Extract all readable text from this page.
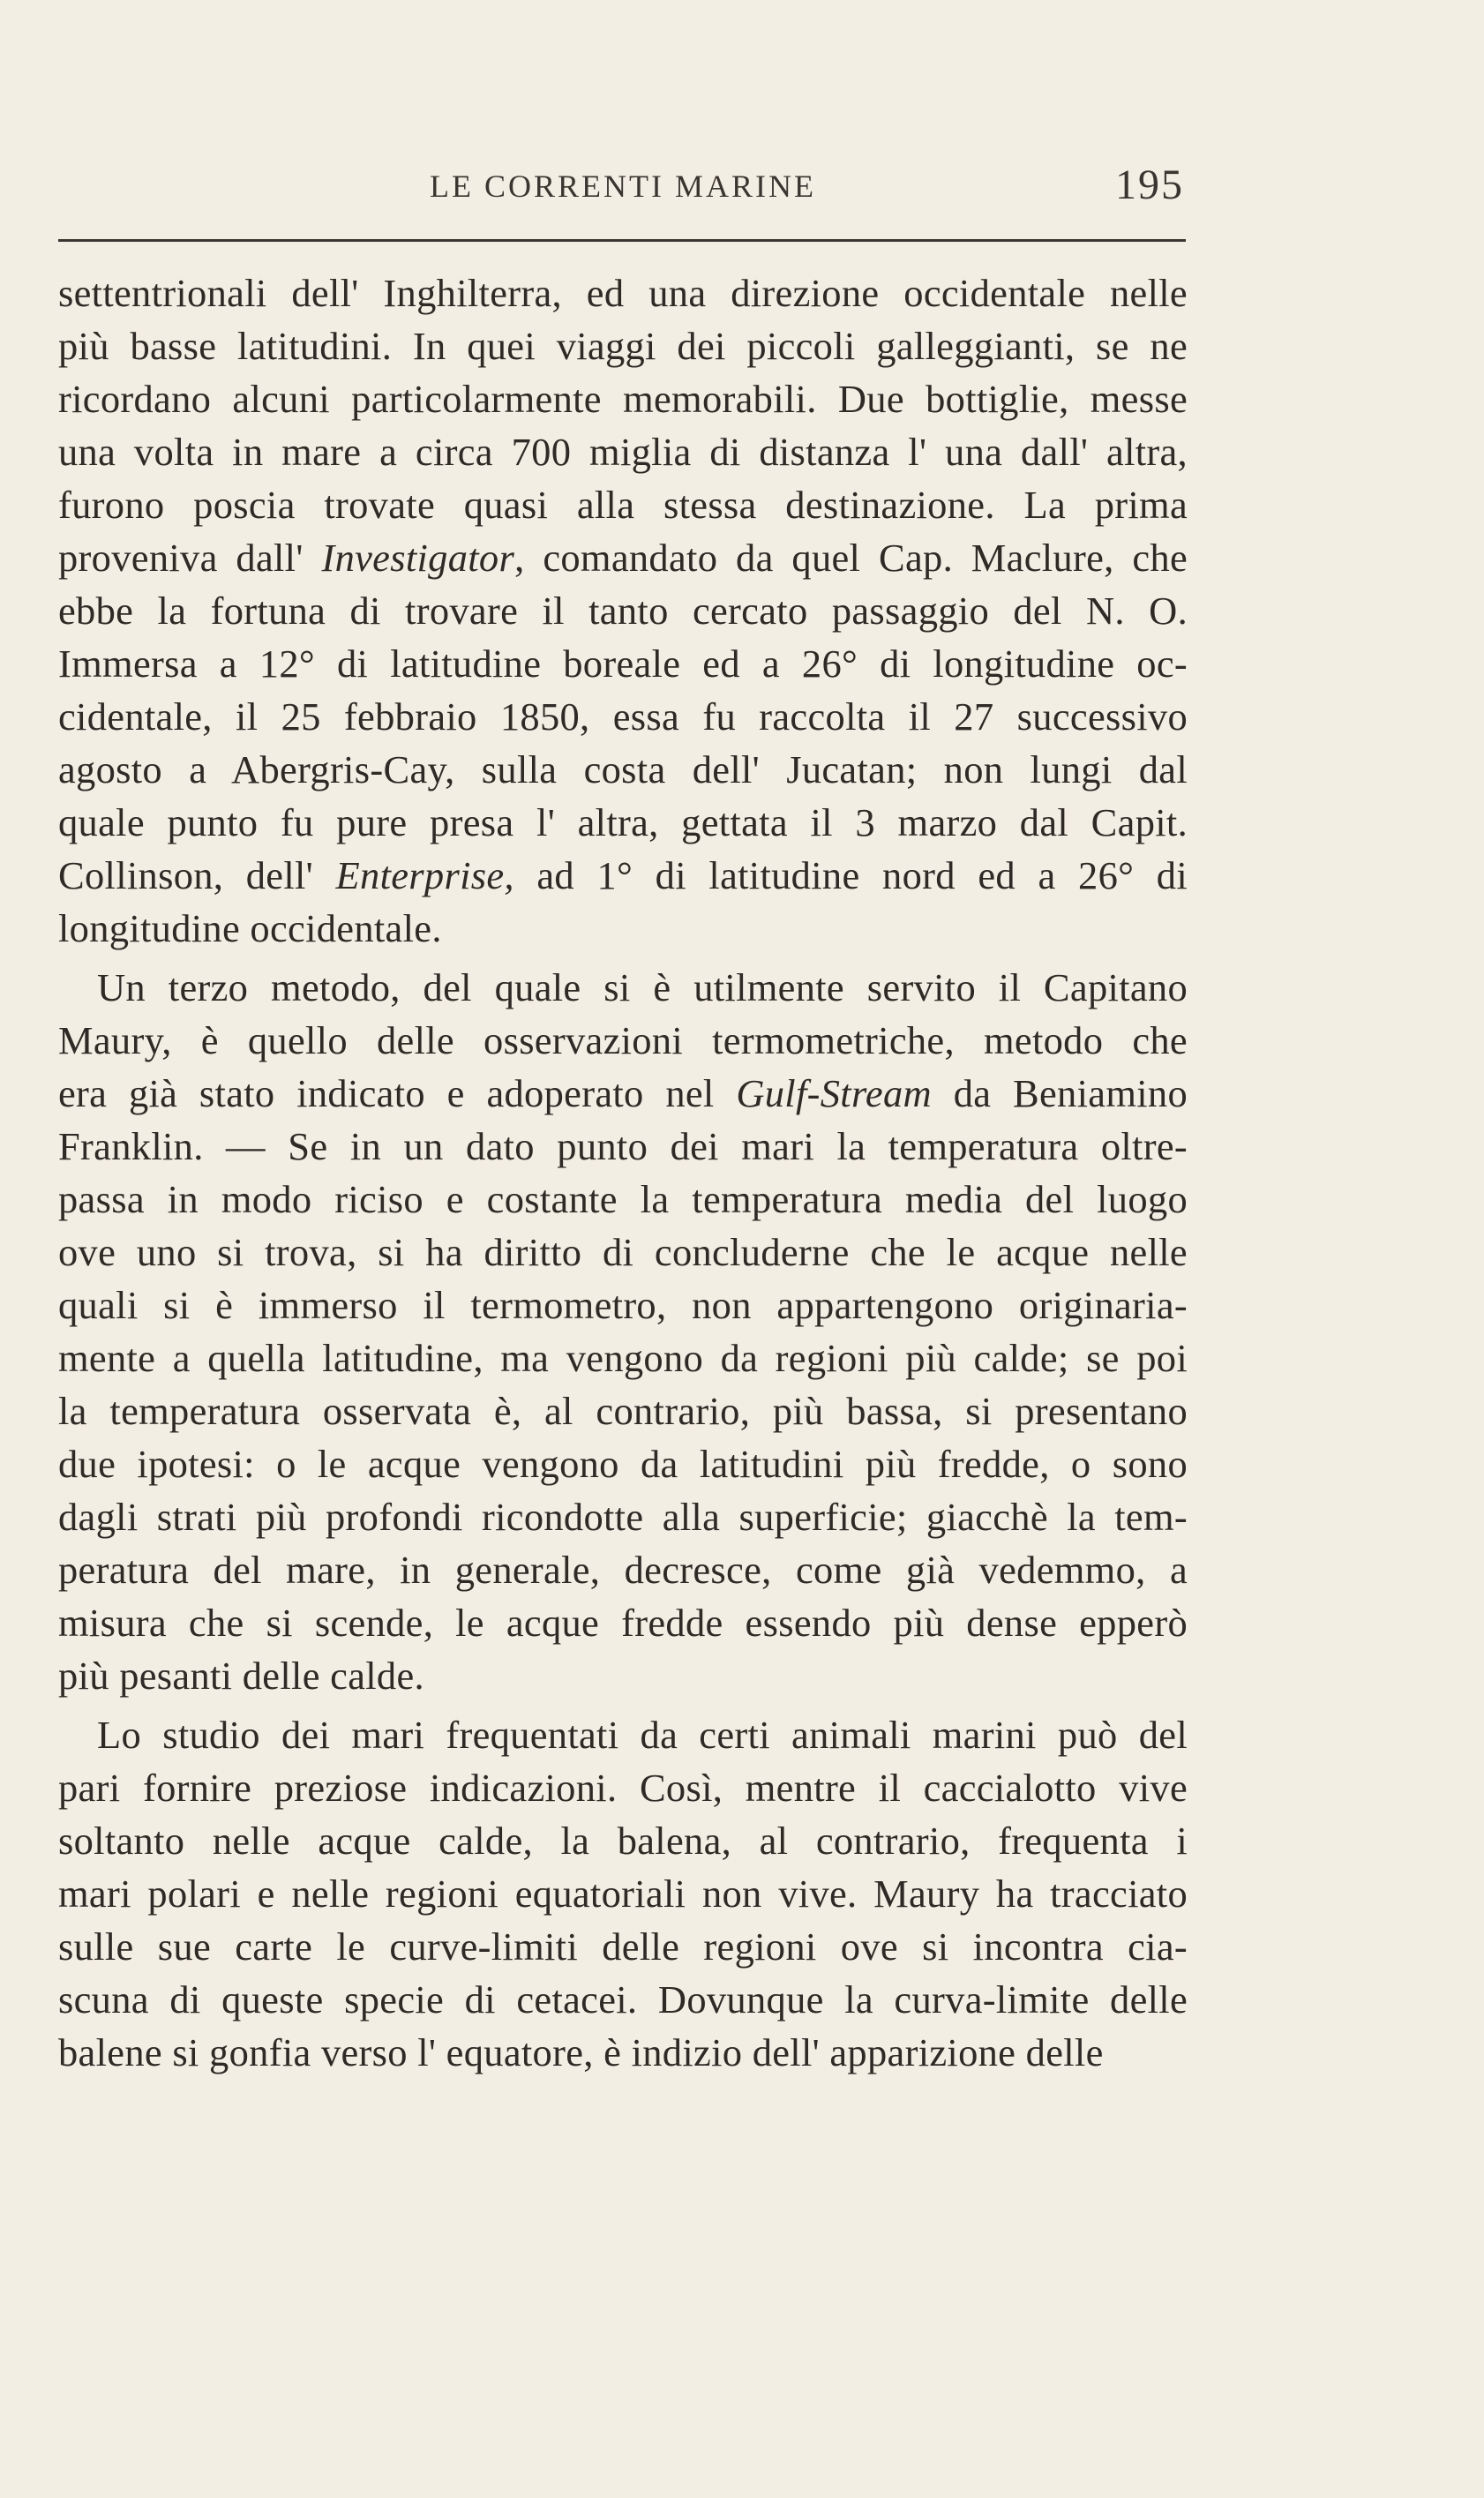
LE CORRENTI MARINE	195
settentrionali dell' Inghilterra, ed una direzione occidentale nelle
più basse latitudini. In quei viaggi dei piccoli galleggianti, se ne
ricordano alcuni particolarmente memorabili. Due bottiglie, messe
una volta in mare a circa 700 miglia di distanza l' una dall' altra,
furono poscia trovate quasi alla stessa destinazione. La prima
proveniva dall' Investigator, comandato da quel Cap. Maclure, che
ebbe la fortuna di trovare il tanto cercato passaggio del N. O.
Immersa a 12° di latitudine boreale ed a 26° di longitudine oc-
cidentale, il 25 febbraio 1850, essa fu raccolta il 27 successivo
agosto a Abergris-Cay, sulla costa dell' Jucatan; non lungi dal
quale punto fu pure presa l' altra, gettata il 3 marzo dal Capit.
Collinson, dell' Enterprise, ad 1° di latitudine nord ed a 26° di
longitudine occidentale.
Un terzo metodo, del quale si è utilmente servito il Capitano
Maury, è quello delle osservazioni termometriche, metodo che
era già stato indicato e adoperato nel Gulf-Stream da Beniamino
Franklin. — Se in un dato punto dei mari la temperatura oltre-
passa in modo riciso e costante la temperatura media del luogo
ove uno si trova, si ha diritto di concluderne che le acque nelle
quali si è immerso il termometro, non appartengono originaria-
mente a quella latitudine, ma vengono da regioni più calde; se poi
la temperatura osservata è, al contrario, più bassa, si presentano
due ipotesi: o le acque vengono da latitudini più fredde, o sono
dagli strati più profondi ricondotte alla superficie; giacchè la tem-
peratura del mare, in generale, decresce, come già vedemmo, a
misura che si scende, le acque fredde essendo più dense epperò
più pesanti delle calde.
Lo studio dei mari frequentati da certi animali marini può del
pari fornire preziose indicazioni. Così, mentre il caccialotto vive
soltanto nelle acque calde, la balena, al contrario, frequenta i
mari polari e nelle regioni equatoriali non vive. Maury ha tracciato
sulle sue carte le curve-limiti delle regioni ove si incontra cia-
scuna di queste specie di cetacei. Dovunque la curva-limite delle
balene si gonfia verso l' equatore, è indizio dell' apparizione delle
